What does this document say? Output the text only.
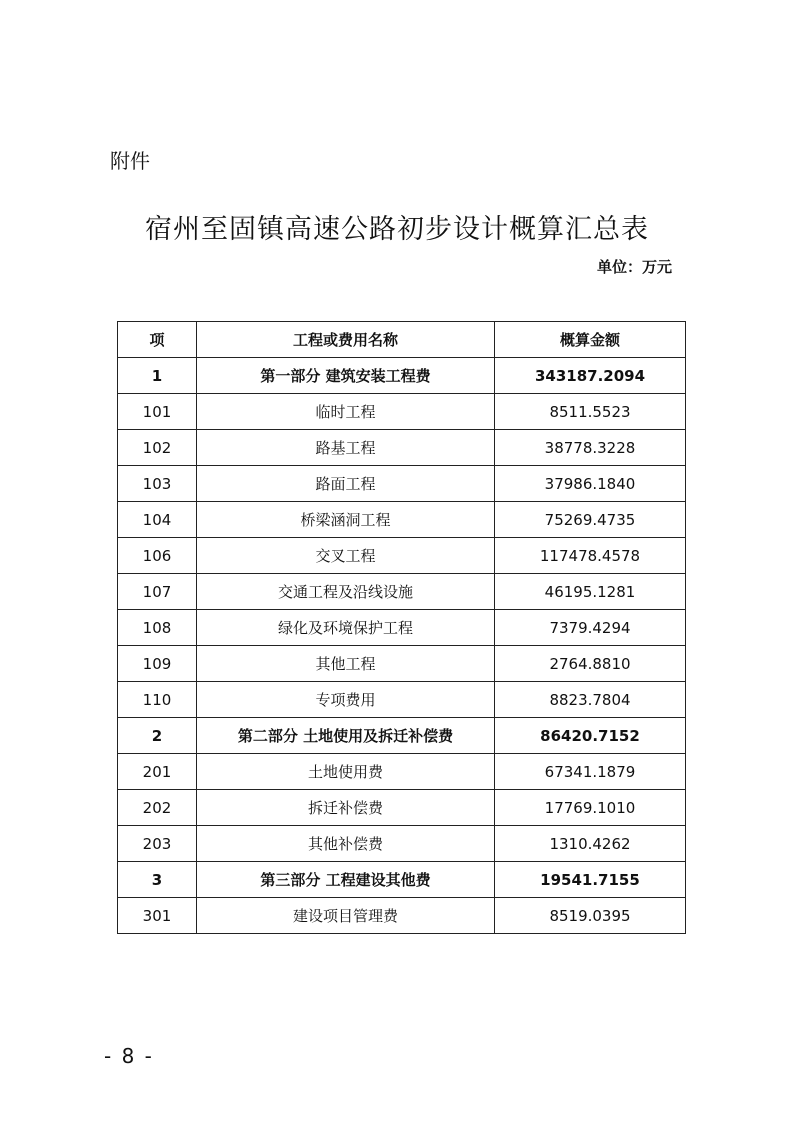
附件
宿州至固镇高速公路初步设计概算汇总表
单位：万元
项	工程或费用名称	概算金额
1	第一部分 建筑安装工程费	343187.2094
101	临时工程	8511.5523
102	路基工程	38778.3228
103	路面工程	37986.1840
104	桥梁涵洞工程	75269.4735
106	交叉工程	117478.4578
107	交通工程及沿线设施	46195.1281
108	绿化及环境保护工程	7379.4294
109	其他工程	2764.8810
110	专项费用	8823.7804
2	第二部分 土地使用及拆迁补偿费	86420.7152
201	土地使用费	67341.1879
202	拆迁补偿费	17769.1010
203	其他补偿费	1310.4262
3	第三部分 工程建设其他费	19541.7155
301	建设项目管理费	8519.0395
- 8 -
